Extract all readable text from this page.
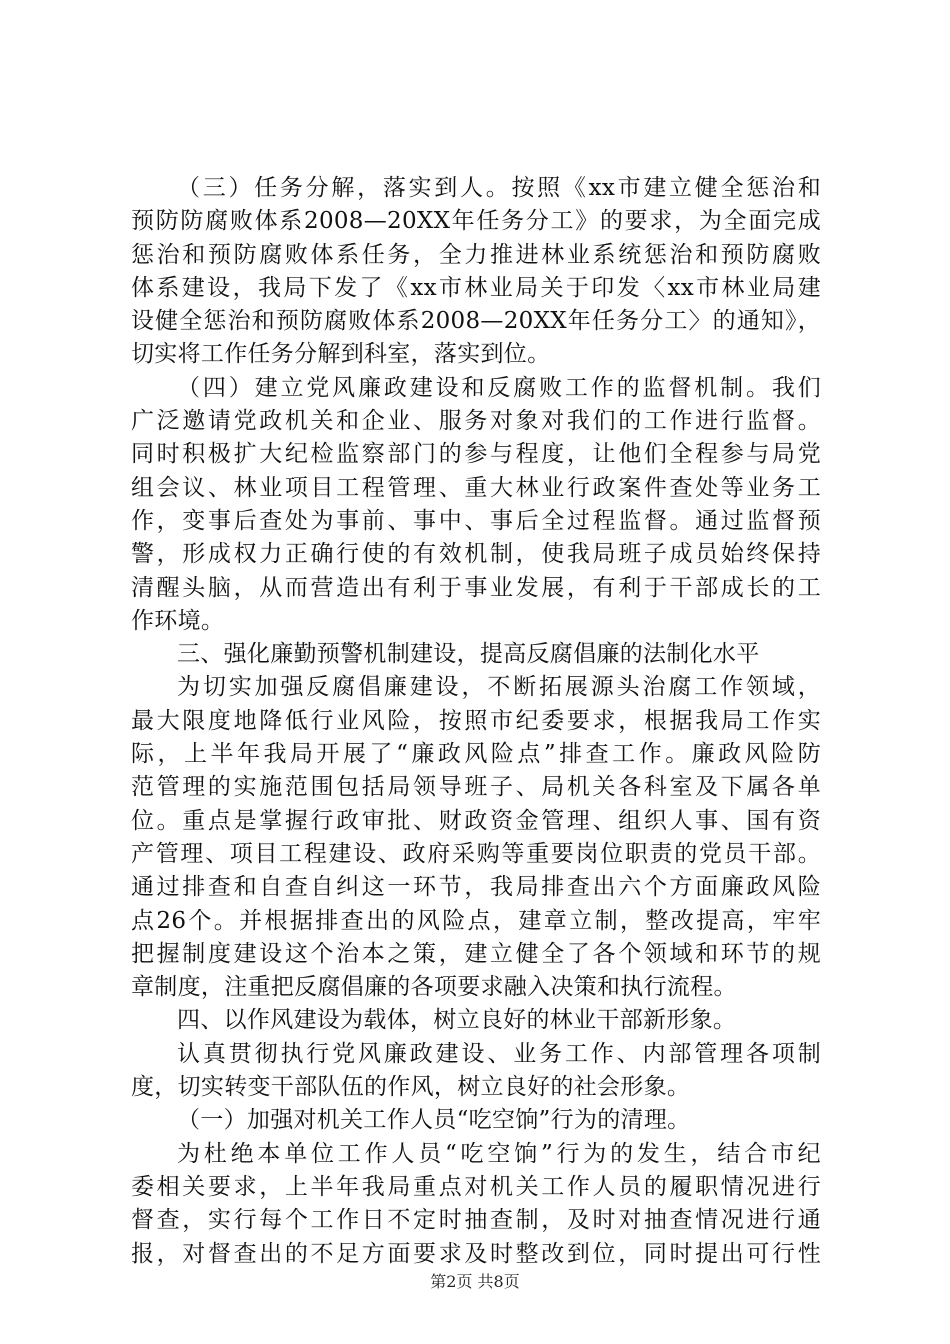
（三）任务分解，落实到人。按照《xx市建立健全惩治和
预防防腐败体系2008—20XX年任务分工》的要求，为全面完成
惩治和预防腐败体系任务，全力推进林业系统惩治和预防腐败
体系建设，我局下发了《xx市林业局关于印发〈xx市林业局建
设健全惩治和预防腐败体系2008—20XX年任务分工〉的通知》，
切实将工作任务分解到科室，落实到位。
（四）建立党风廉政建设和反腐败工作的监督机制。我们
广泛邀请党政机关和企业、服务对象对我们的工作进行监督。
同时积极扩大纪检监察部门的参与程度，让他们全程参与局党
组会议、林业项目工程管理、重大林业行政案件查处等业务工
作，变事后查处为事前、事中、事后全过程监督。通过监督预
警，形成权力正确行使的有效机制，使我局班子成员始终保持
清醒头脑，从而营造出有利于事业发展，有利于干部成长的工
作环境。
三、强化廉勤预警机制建设，提高反腐倡廉的法制化水平
为切实加强反腐倡廉建设，不断拓展源头治腐工作领域，
最大限度地降低行业风险，按照市纪委要求，根据我局工作实
际，上半年我局开展了“廉政风险点”排查工作。廉政风险防
范管理的实施范围包括局领导班子、局机关各科室及下属各单
位。重点是掌握行政审批、财政资金管理、组织人事、国有资
产管理、项目工程建设、政府采购等重要岗位职责的党员干部。
通过排查和自查自纠这一环节，我局排查出六个方面廉政风险
点26个。并根据排查出的风险点，建章立制，整改提高，牢牢
把握制度建设这个治本之策，建立健全了各个领域和环节的规
章制度，注重把反腐倡廉的各项要求融入决策和执行流程。
四、以作风建设为载体，树立良好的林业干部新形象。
认真贯彻执行党风廉政建设、业务工作、内部管理各项制
度，切实转变干部队伍的作风，树立良好的社会形象。
（一）加强对机关工作人员“吃空饷”行为的清理。
为杜绝本单位工作人员“吃空饷”行为的发生，结合市纪
委相关要求，上半年我局重点对机关工作人员的履职情况进行
督查，实行每个工作日不定时抽查制，及时对抽查情况进行通
报，对督查出的不足方面要求及时整改到位，同时提出可行性
第2页 共8页
